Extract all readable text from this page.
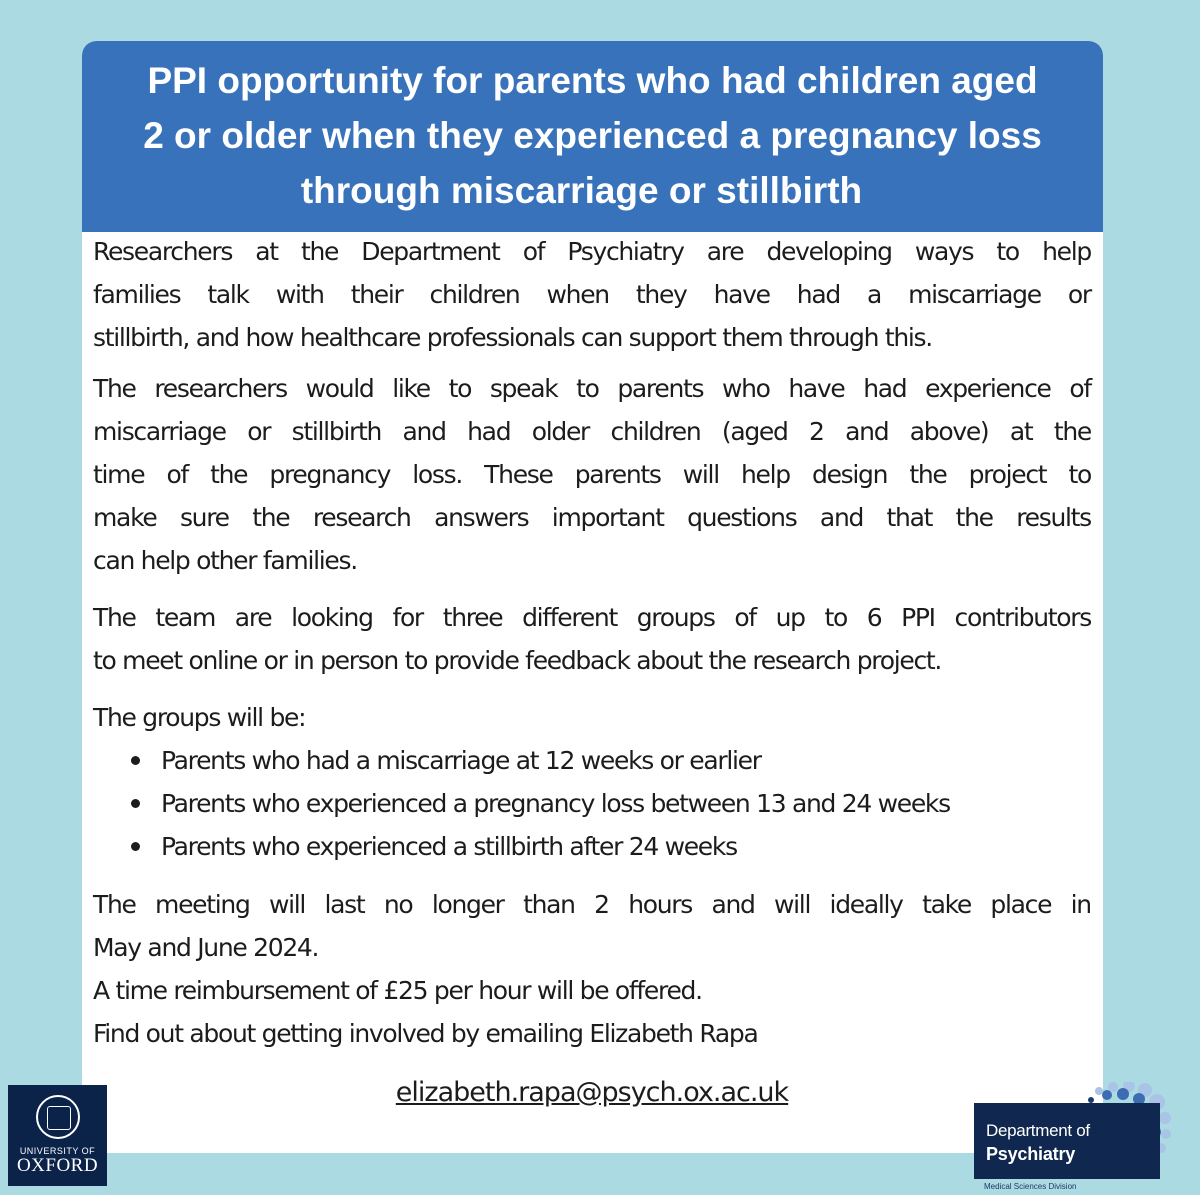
PPI opportunity for parents who had children aged
2 or older when they experienced a pregnancy loss
through miscarriage or stillbirth
Researchers at the Department of Psychiatry are developing ways to help
families talk with their children when they have had a miscarriage or
stillbirth, and how healthcare professionals can support them through this.
The researchers would like to speak to parents who have had experience of
miscarriage or stillbirth and had older children (aged 2 and above) at the
time of the pregnancy loss. These parents will help design the project to
make sure the research answers important questions and that the results
can help other families.
The team are looking for three different groups of up to 6 PPI contributors
to meet online or in person to provide feedback about the research project.
The groups will be:
Parents who had a miscarriage at 12 weeks or earlier
Parents who experienced a pregnancy loss between 13 and 24 weeks
Parents who experienced a stillbirth after 24 weeks
The meeting will last no longer than 2 hours and will ideally take place in
May and June 2024.
A time reimbursement of £25 per hour will be offered.
Find out about getting involved by emailing Elizabeth Rapa
elizabeth.rapa@psych.ox.ac.uk
UNIVERSITY OF
OXFORD
Department of
Psychiatry
Medical Sciences Division
